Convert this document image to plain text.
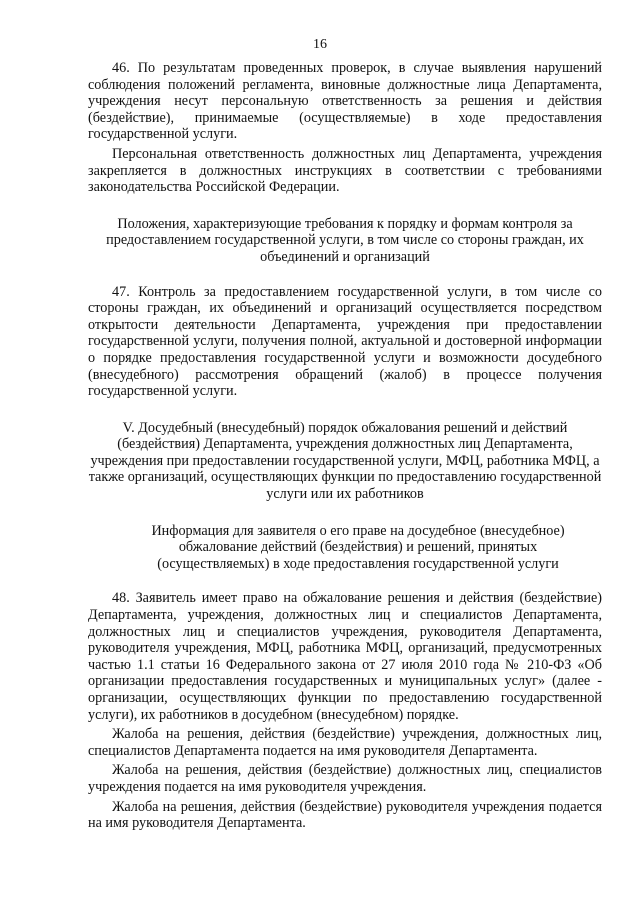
16

46. По результатам проведенных проверок, в случае выявления нарушений соблюдения положений регламента, виновные должностные лица Департамента, учреждения несут персональную ответственность за решения и действия (бездействие), принимаемые (осуществляемые) в ходе предоставления государственной услуги.

Персональная ответственность должностных лиц Департамента, учреждения закрепляется в должностных инструкциях в соответствии с требованиями законодательства Российской Федерации.

Положения, характеризующие требования к порядку и формам контроля за предоставлением государственной услуги, в том числе со стороны граждан, их объединений и организаций

47. Контроль за предоставлением государственной услуги, в том числе со стороны граждан, их объединений и организаций осуществляется посредством открытости деятельности Департамента, учреждения при предоставлении государственной услуги, получения полной, актуальной и достоверной информации о порядке предоставления государственной услуги и возможности досудебного (внесудебного) рассмотрения обращений (жалоб) в процессе получения государственной услуги.

V. Досудебный (внесудебный) порядок обжалования решений и действий (бездействия) Департамента, учреждения должностных лиц Департамента, учреждения при предоставлении государственной услуги, МФЦ, работника МФЦ, а также организаций, осуществляющих функции по предоставлению государственной услуги или их работников

Информация для заявителя о его праве на досудебное (внесудебное) обжалование действий (бездействия) и решений, принятых (осуществляемых) в ходе предоставления государственной услуги

48. Заявитель имеет право на обжалование решения и действия (бездействие) Департамента, учреждения, должностных лиц и специалистов Департамента, должностных лиц и специалистов учреждения, руководителя Департамента, руководителя учреждения, МФЦ, работника МФЦ, организаций, предусмотренных частью 1.1 статьи 16 Федерального закона от 27 июля 2010 года № 210-ФЗ «Об организации предоставления государственных и муниципальных услуг» (далее - организации, осуществляющих функции по предоставлению государственной услуги), их работников в досудебном (внесудебном) порядке.

Жалоба на решения, действия (бездействие) учреждения, должностных лиц, специалистов Департамента подается на имя руководителя Департамента.

Жалоба на решения, действия (бездействие) должностных лиц, специалистов учреждения подается на имя руководителя учреждения.

Жалоба на решения, действия (бездействие) руководителя учреждения подается на имя руководителя Департамента.
